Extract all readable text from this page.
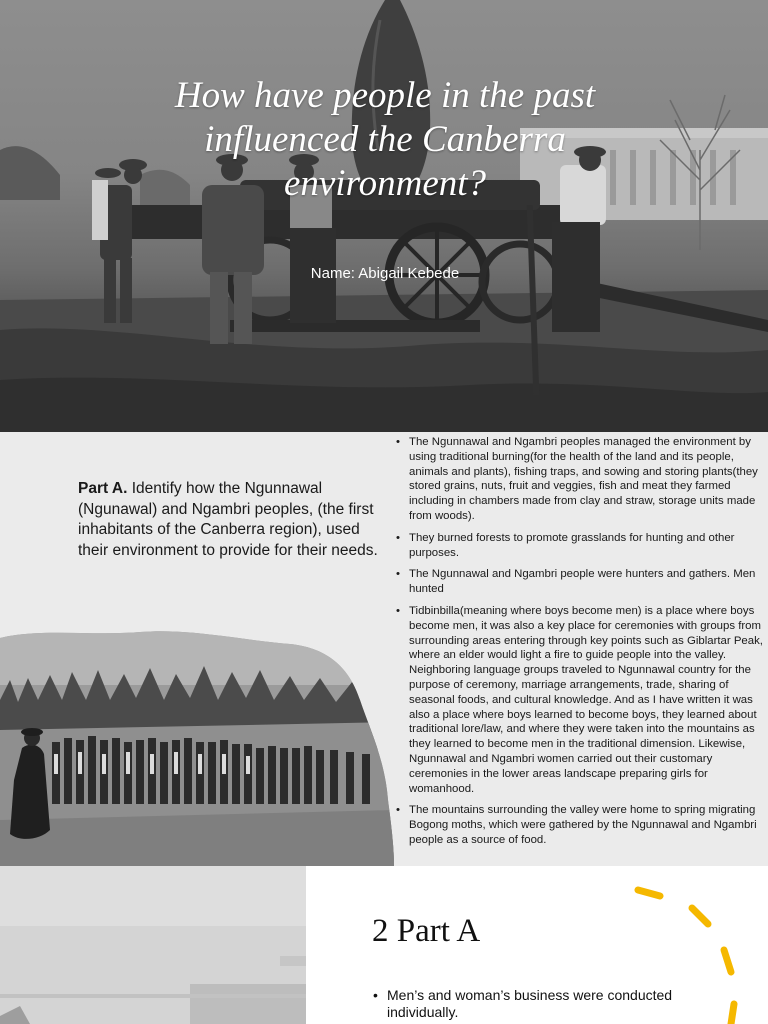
How have people in the past influenced the Canberra environment?
Name: Abigail Kebede

Part A. Identify how the Ngunnawal (Ngunawal) and Ngambri peoples, (the first inhabitants of the Canberra region), used their environment to provide for their needs.

• The Ngunnawal and Ngambri peoples managed the environment by using traditional burning(for the health of the land and its people, animals and plants), fishing traps, and sowing and storing plants(they stored grains, nuts, fruit and veggies, fish and meat they farmed including in chambers made from clay and straw, storage units made from woods).
• They burned forests to promote grasslands for hunting and other purposes.
• The Ngunnawal and Ngambri people were hunters and gathers. Men hunted
• Tidbinbilla(meaning where boys become men) is a place where boys become men, it was also a key place for ceremonies with groups from surrounding areas entering through key points such as Giblartar Peak, where an elder would light a fire to guide people into the valley. Neighboring language groups traveled to Ngunnawal country for the purpose of ceremony, marriage arrangements, trade, sharing of seasonal foods, and cultural knowledge. And as I have written it was also a place where boys learned to become boys, they learned about traditional lore/law, and where they were taken into the mountains as they learned to become men in the traditional dimension. Likewise, Ngunnawal and Ngambri women carried out their customary ceremonies in the lower areas landscape preparing girls for womanhood.
• The mountains surrounding the valley were home to spring migrating Bogong moths, which were gathered by the Ngunnawal and Ngambri people as a source of food.
2 Part A

• Men’s and woman’s business were conducted individually.
